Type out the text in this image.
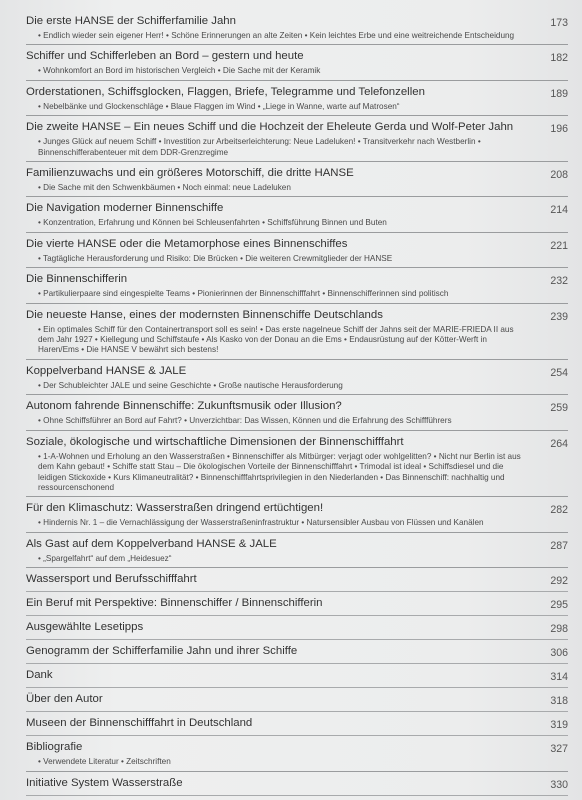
Die erste HANSE der Schifferfamilie Jahn	173
• Endlich wieder sein eigener Herr! • Schöne Erinnerungen an alte Zeiten • Kein leichtes Erbe und eine weitreichende Entscheidung
Schiffer und Schifferleben an Bord – gestern und heute	182
• Wohnkomfort an Bord im historischen Vergleich • Die Sache mit der Keramik
Orderstationen, Schiffsglocken, Flaggen, Briefe, Telegramme und Telefonzellen	189
• Nebelbänke und Glockenschläge • Blaue Flaggen im Wind • „Liege in Wanne, warte auf Matrosen“
Die zweite HANSE – Ein neues Schiff und die Hochzeit der Eheleute Gerda und Wolf-Peter Jahn	196
• Junges Glück auf neuem Schiff • Investition zur Arbeitserleichterung: Neue Ladeluken! • Transitverkehr nach Westberlin • Binnenschifferabenteuer mit dem DDR-Grenzregime
Familienzuwachs und ein größeres Motorschiff, die dritte HANSE	208
• Die Sache mit den Schwenkbäumen • Noch einmal: neue Ladeluken
Die Navigation moderner Binnenschiffe	214
• Konzentration, Erfahrung und Können bei Schleusenfahrten • Schiffsführung Binnen und Buten
Die vierte HANSE oder die Metamorphose eines Binnenschiffes	221
• Tagtägliche Herausforderung und Risiko: Die Brücken • Die weiteren Crewmitglieder der HANSE
Die Binnenschifferin	232
• Partikulierpaare sind eingespielte Teams • Pionierinnen der Binnenschifffahrt • Binnenschifferinnen sind politisch
Die neueste Hanse, eines der modernsten Binnenschiffe Deutschlands	239
• Ein optimales Schiff für den Containertransport soll es sein! • Das erste nagelneue Schiff der Jahns seit der MARIE-FRIEDA II aus dem Jahr 1927 • Kiellegung und Schiffstaufe • Als Kasko von der Donau an die Ems • Endausrüstung auf der Kötter-Werft in Haren/Ems • Die HANSE V bewährt sich bestens!
Koppelverband HANSE & JALE	254
• Der Schubleichter JALE und seine Geschichte • Große nautische Herausforderung
Autonom fahrende Binnenschiffe: Zukunftsmusik oder Illusion?	259
• Ohne Schiffsführer an Bord auf Fahrt? • Unverzichtbar: Das Wissen, Können und die Erfahrung des Schiffführers
Soziale, ökologische und wirtschaftliche Dimensionen der Binnenschifffahrt	264
• 1-A-Wohnen und Erholung an den Wasserstraßen • Binnenschiffer als Mitbürger: verjagt oder wohlgelitten? • Nicht nur Berlin ist aus dem Kahn gebaut! • Schiffe statt Stau – Die ökologischen Vorteile der Binnenschifffahrt • Trimodal ist ideal • Schiffsdiesel und die leidigen Stickoxide • Kurs Klimaneutralität? • Binnenschifffahrtsprivilegien in den Niederlanden • Das Binnenschiff: nachhaltig und ressourcenschonend
Für den Klimaschutz: Wasserstraßen dringend ertüchtigen!	282
• Hindernis Nr. 1 – die Vernachlässigung der Wasserstraßeninfrastruktur • Natursensibler Ausbau von Flüssen und Kanälen
Als Gast auf dem Koppelverband HANSE & JALE	287
• „Spargelfahrt“ auf dem „Heidesuez“
Wassersport und Berufsschifffahrt	292
Ein Beruf mit Perspektive: Binnenschiffer / Binnenschifferin	295
Ausgewählte Lesetipps	298
Genogramm der Schifferfamilie Jahn und ihrer Schiffe	306
Dank	314
Über den Autor	318
Museen der Binnenschifffahrt in Deutschland	319
Bibliografie	327
• Verwendete Literatur • Zeitschriften
Initiative System Wasserstraße	330
